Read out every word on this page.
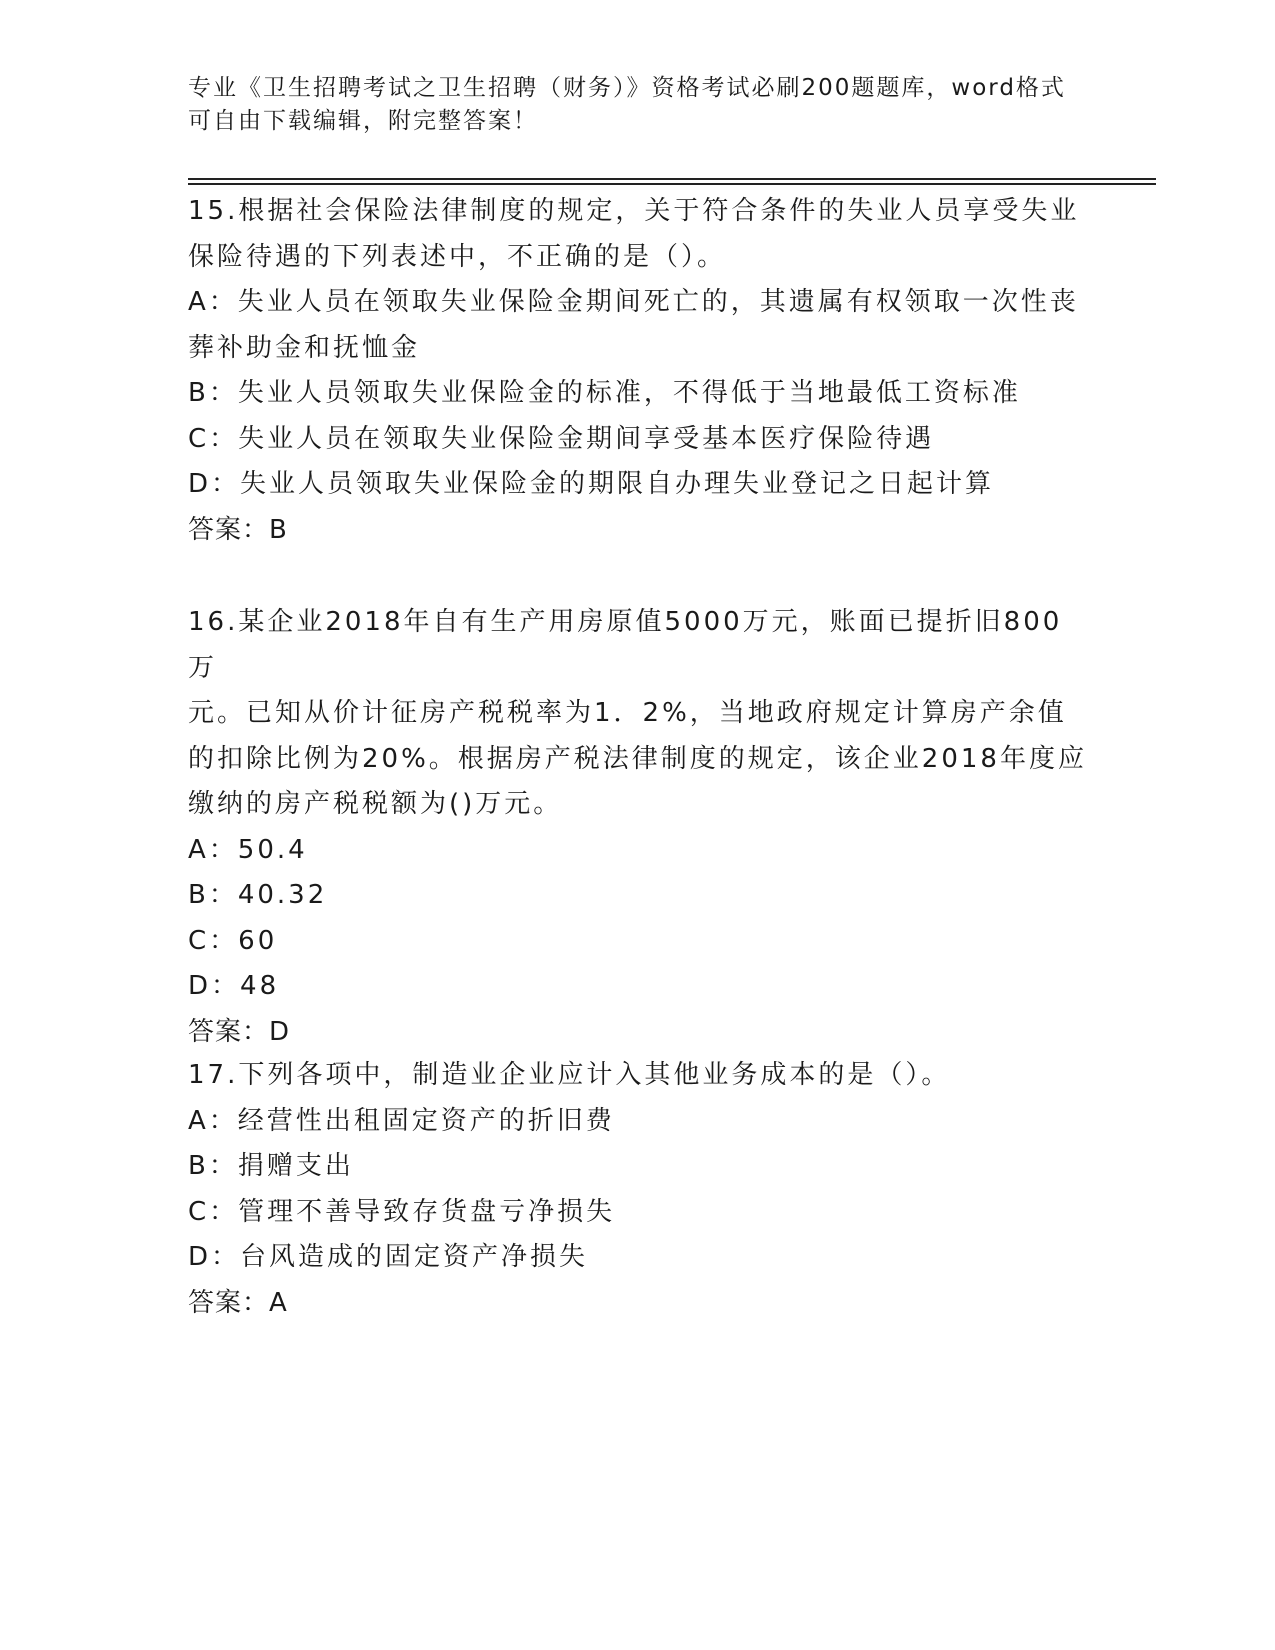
专业《卫生招聘考试之卫生招聘（财务）》资格考试必刷200题题库，word格式
可自由下载编辑，附完整答案！

15.根据社会保险法律制度的规定，关于符合条件的失业人员享受失业

保险待遇的下列表述中，不正确的是（）。

A：失业人员在领取失业保险金期间死亡的，其遗属有权领取一次性丧

葬补助金和抚恤金

B：失业人员领取失业保险金的标准，不得低于当地最低工资标准

C：失业人员在领取失业保险金期间享受基本医疗保险待遇

D：失业人员领取失业保险金的期限自办理失业登记之日起计算

答案：B

16.某企业2018年自有生产用房原值5000万元，账面已提折旧800万

元。已知从价计征房产税税率为1．2%，当地政府规定计算房产余值

的扣除比例为20%。根据房产税法律制度的规定，该企业2018年度应

缴纳的房产税税额为()万元。

A：50.4

B：40.32

C：60

D：48

答案：D

17.下列各项中，制造业企业应计入其他业务成本的是（）。

A：经营性出租固定资产的折旧费

B：捐赠支出

C：管理不善导致存货盘亏净损失

D：台风造成的固定资产净损失

答案：A
